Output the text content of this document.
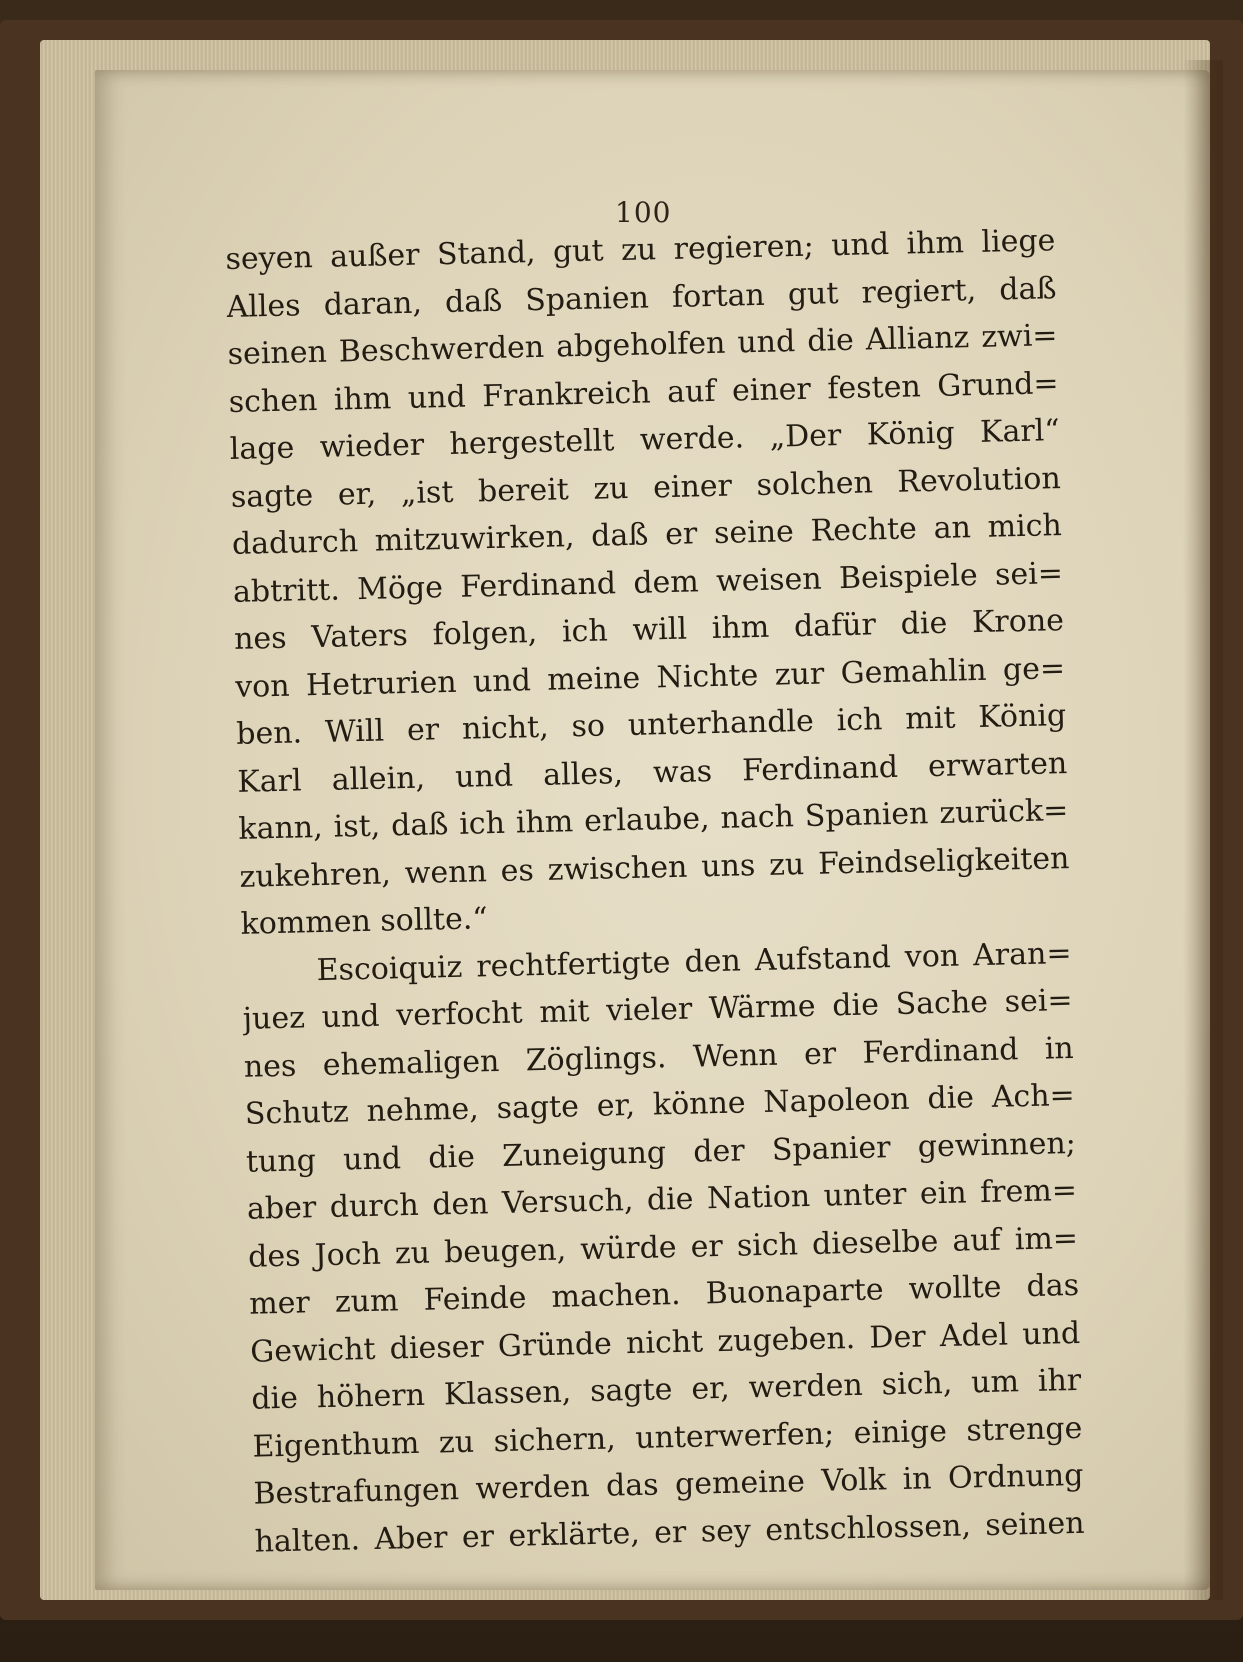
100
seyen außer Stand, gut zu regieren; und ihm liege
Alles daran, daß Spanien fortan gut regiert, daß
seinen Beschwerden abgeholfen und die Allianz zwi=
schen ihm und Frankreich auf einer festen Grund=
lage wieder hergestellt werde. „Der König Karl“
sagte er, „ist bereit zu einer solchen Revolution
dadurch mitzuwirken, daß er seine Rechte an mich
abtritt. Möge Ferdinand dem weisen Beispiele sei=
nes Vaters folgen, ich will ihm dafür die Krone
von Hetrurien und meine Nichte zur Gemahlin ge=
ben. Will er nicht, so unterhandle ich mit König
Karl allein, und alles, was Ferdinand erwarten
kann, ist, daß ich ihm erlaube, nach Spanien zurück=
zukehren, wenn es zwischen uns zu Feindseligkeiten
kommen sollte.“
Escoiquiz rechtfertigte den Aufstand von Aran=
juez und verfocht mit vieler Wärme die Sache sei=
nes ehemaligen Zöglings. Wenn er Ferdinand in
Schutz nehme, sagte er, könne Napoleon die Ach=
tung und die Zuneigung der Spanier gewinnen;
aber durch den Versuch, die Nation unter ein frem=
des Joch zu beugen, würde er sich dieselbe auf im=
mer zum Feinde machen. Buonaparte wollte das
Gewicht dieser Gründe nicht zugeben. Der Adel und
die höhern Klassen, sagte er, werden sich, um ihr
Eigenthum zu sichern, unterwerfen; einige strenge
Bestrafungen werden das gemeine Volk in Ordnung
halten. Aber er erklärte, er sey entschlossen, seinen
